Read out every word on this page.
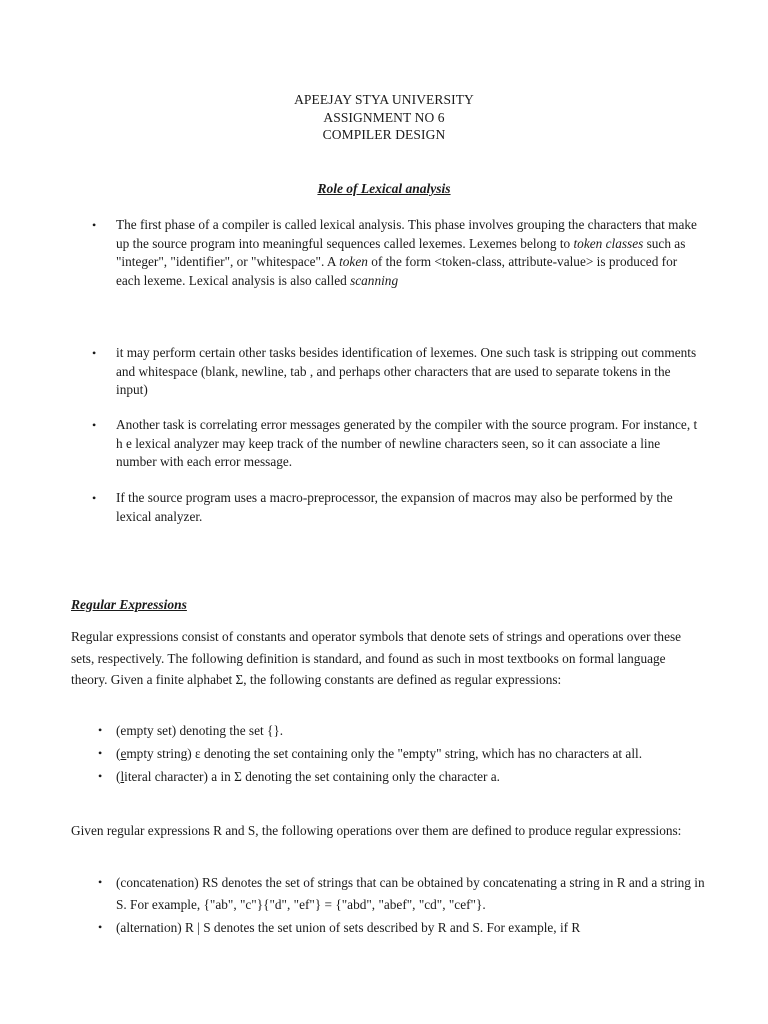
APEEJAY STYA UNIVERSITY
ASSIGNMENT NO 6
COMPILER DESIGN
Role of Lexical analysis
• The first phase of a compiler is called lexical analysis. This phase involves grouping the characters that make up the source program into meaningful sequences called lexemes. Lexemes belong to token classes such as "integer", "identifier", or "whitespace". A token of the form <token-class, attribute-value> is produced for each lexeme. Lexical analysis is also called scanning
• it may perform certain other tasks besides identification of lexemes. One such task is stripping out comments and whitespace (blank, newline, tab , and perhaps other characters that are used to separate tokens in the input)
• Another task is correlating error messages generated by the compiler with the source program. For instance, t h e lexical analyzer may keep track of the number of newline characters seen, so it can associate a line number with each error message.
• If the source program uses a macro-preprocessor, the expansion of macros may also be performed by the lexical analyzer.
Regular Expressions
Regular expressions consist of constants and operator symbols that denote sets of strings and operations over these sets, respectively. The following definition is standard, and found as such in most textbooks on formal language theory. Given a finite alphabet Σ, the following constants are defined as regular expressions:
• (empty set) denoting the set {}.
• (empty string) ε denoting the set containing only the "empty" string, which has no characters at all.
• (literal character) a in Σ denoting the set containing only the character a.
Given regular expressions R and S, the following operations over them are defined to produce regular expressions:
• (concatenation) RS denotes the set of strings that can be obtained by concatenating a string in R and a string in S. For example, {"ab", "c"}{"d", "ef"} = {"abd", "abef", "cd", "cef"}.
• (alternation) R | S denotes the set union of sets described by R and S. For example, if R
